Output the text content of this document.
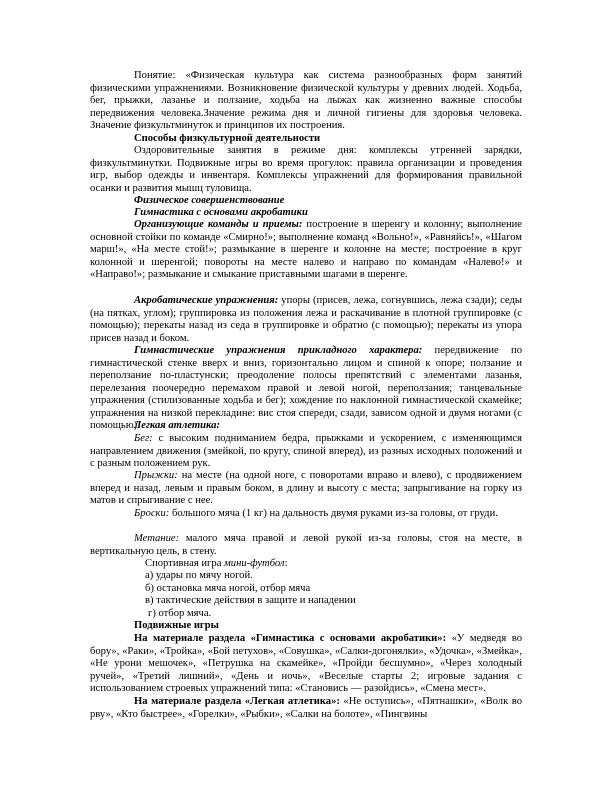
Понятие: «Физическая культура как система разнообразных форм занятий физическими упражнениями. Возникновение физической культуры у древних людей. Ходьба, бег, прыжки, лазанье и ползание, ходьба на лыжах как жизненно важные способы передвижения человека.Значение режима дня и личной гигиены для здоровья человека. Значение физкультминуток и принципов их построения.

Способы физкультурной деятельности

Оздоровительные занятия в режиме дня: комплексы утренней зарядки, физкультминутки. Подвижные игры во время прогулок: правила организации и проведения игр, выбор одежды и инвентаря. Комплексы упражнений для формирования правильной осанки и развития мышц туловища.

Физическое совершенствование

Гимнастика с основами акробатики

Организующие команды и приемы: построение в шеренгу и колонну; выполнение основной стойки по команде «Смирно!»; выполнение команд «Вольно!», «Равняйсь!», «Шагом марш!», «На месте стой!»; размыкание в шеренге и колонне на месте; построение в круг колонной и шеренгой; повороты на месте налево и направо по командам «Налево!» и «Направо!»; размыкание и смыкание приставными шагами в шеренге.

Акробатические упражнения: упоры (присев, лежа, согнувшись, лежа сзади); седы (на пятках, углом); группировка из положения лежа и раскачивание в плотной группировке (с помощью); перекаты назад из седа в группировке и обратно (с помощью); перекаты из упора присев назад и боком.

Гимнастические упражнения прикладного характера: передвижение по гимнастической стенке вверх и вниз, горизонтально лицом и спиной к опоре; ползание и переползание по-пластунски; преодоление полосы препятствий с элементами лазанья, перелезания поочередно перемахом правой и левой ногой, переползания; танцевальные упражнения (стилизованные ходьба и бег); хождение по наклонной гимнастической скамейке; упражнения на низкой перекладине: вис стоя спереди, сзади, зависом одной и двумя ногами (с помощью).

Легкая атлетика:

Бег: с высоким подниманием бедра, прыжками и ускорением, с изменяющимся направлением движения (змейкой, по кругу, спиной вперед), из разных исходных положений и с разным положением рук.

Прыжки: на месте (на одной ноге, с поворотами вправо и влево), с продвижением вперед и назад, левым и правым боком, в длину и высоту с места; запрыгивание на горку из матов и спрыгивание с нее.

Броски: большого мяча (1 кг) на дальность двумя руками из-за головы, от груди.

Метание: малого мяча правой и левой рукой из-за головы, стоя на месте, в вертикальную цель, в стену.

Спортивная игра мини-футбол:

а) удары по мячу ногой.

б) остановка мяча ногой, отбор мяча

в) тактические действия в защите и нападении

г) отбор мяча.

Подвижные игры

На материале раздела «Гимнастика с основами акробатики»: «У медведя во бору», «Раки», «Тройка», «Бой петухов», «Совушка», «Салки-догонялки», «Удочка», «Змейка», «Не урони мешочек», «Петрушка на скамейке», «Пройди бесшумно», «Через холодный ручей», «Третий лишний», «День и ночь», «Веселые старты 2; игровые задания с использованием строевых упражнений типа: «Становись — разойдись», «Смена мест».

На материале раздела «Легкая атлетика»: «Не оступись», «Пятнашки», «Волк во рву», «Кто быстрее», «Горелки», «Рыбки», «Салки на болоте», «Пингвины
